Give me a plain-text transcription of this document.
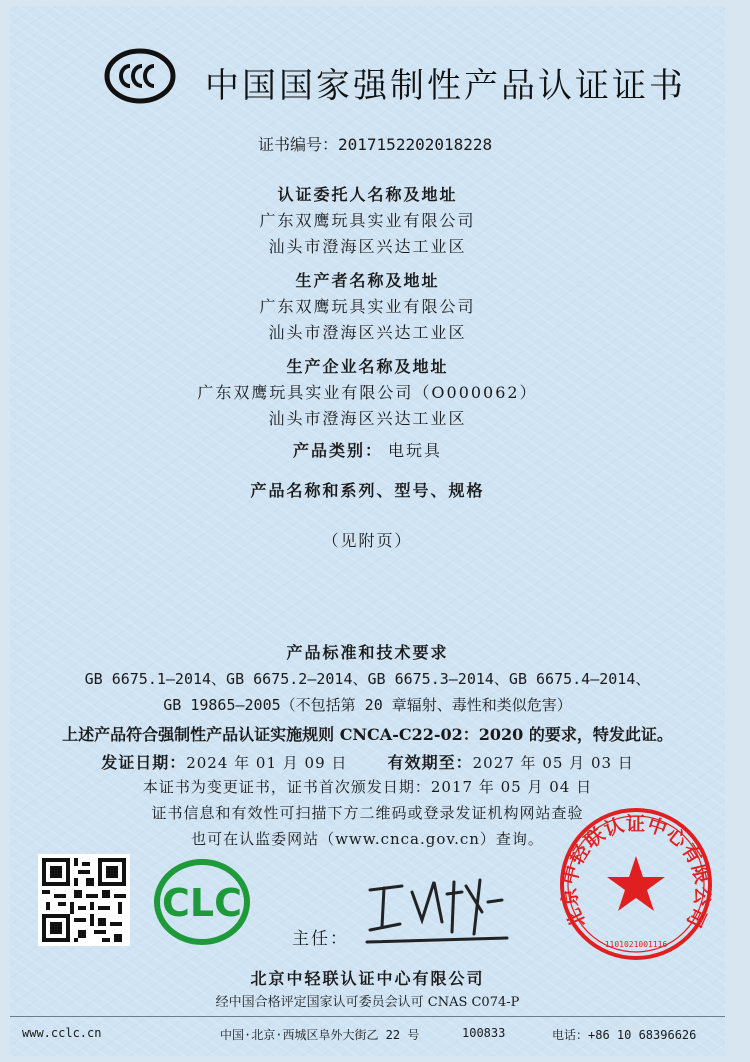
中国国家强制性产品认证证书
证书编号：2017152202018228
认证委托人名称及地址
广东双鹰玩具实业有限公司
汕头市澄海区兴达工业区
生产者名称及地址
广东双鹰玩具实业有限公司
汕头市澄海区兴达工业区
生产企业名称及地址
广东双鹰玩具实业有限公司（O000062）
汕头市澄海区兴达工业区
产品类别： 电玩具
产品名称和系列、型号、规格
（见附页）
产品标准和技术要求
GB 6675.1—2014、GB 6675.2—2014、GB 6675.3—2014、GB 6675.4—2014、
GB 19865—2005（不包括第 20 章辐射、毒性和类似危害）
上述产品符合强制性产品认证实施规则 CNCA-C22-02：2020 的要求，特发此证。
发证日期：2024 年 01 月 09 日	有效期至：2027 年 05 月 03 日
本证书为变更证书，证书首次颁发日期：2017 年 05 月 04 日
证书信息和有效性可扫描下方二维码或登录发证机构网站查验
也可在认监委网站（www.cnca.gov.cn）查询。
CLC
主任：
北京中轻联认证中心有限公司
1101021001116
北京中轻联认证中心有限公司
经中国合格评定国家认可委员会认可 CNAS C074-P
www.cclc.cn	中国·北京·西城区阜外大街乙 22 号	100833	电话：+86 10 68396626
